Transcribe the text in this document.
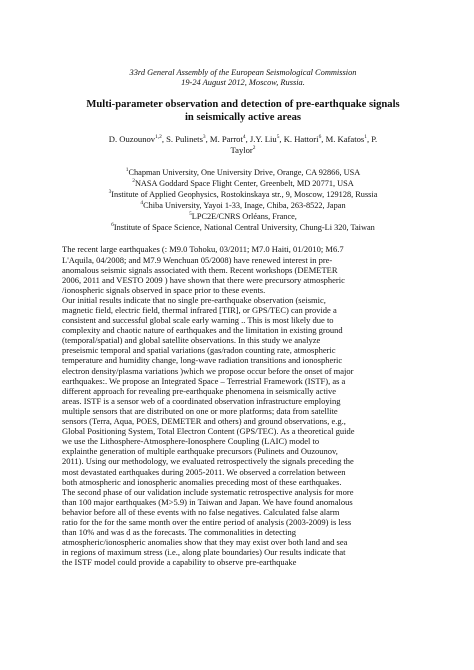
33rd General Assembly of the European Seismological Commission
19-24 August 2012, Moscow, Russia.
Multi-parameter observation and detection of pre-earthquake signals
in seismically active areas
D. Ouzounov$^{1,2}$, S. Pulinets$^3$, M. Parrot$^4$, J.Y. Liu$^5$, K. Hattori$^6$, M. Kafatos$^1$, P.
Taylor$^2$
$^1$Chapman University, One University Drive, Orange, CA 92866, USA
$^2$NASA Goddard Space Flight Center, Greenbelt, MD 20771, USA
$^3$Institute of Applied Geophysics, Rostokinskaya str., 9, Moscow, 129128, Russia
$^4$Chiba University, Yayoi 1-33, Inage, Chiba, 263-8522, Japan
$^5$LPC2E/CNRS Orléans, France,
$^6$Institute of Space Science, National Central University, Chung-Li 320, Taiwan
The recent large earthquakes (: M9.0 Tohoku, 03/2011; M7.0 Haiti, 01/2010; M6.7
L'Aquila, 04/2008; and M7.9 Wenchuan 05/2008) have renewed interest in pre-
anomalous seismic signals associated with them. Recent workshops (DEMETER
2006, 2011 and VESTO 2009 ) have shown that there were precursory atmospheric
/ionospheric signals observed in space prior to these events.
Our initial results indicate that no single pre-earthquake observation (seismic,
magnetic field, electric field, thermal infrared [TIR], or GPS/TEC) can provide a
consistent and successful global scale early warning .. This is most likely due to
complexity and chaotic nature of earthquakes and the limitation in existing ground
(temporal/spatial) and global satellite observations. In this study we analyze
preseismic temporal and spatial variations (gas/radon counting rate, atmospheric
temperature and humidity change, long-wave radiation transitions and ionospheric
electron density/plasma variations )which we propose occur before the onset of major
earthquakes:. We propose an Integrated Space – Terrestrial Framework (ISTF), as a
different approach for revealing pre-earthquake phenomena in seismically active
areas. ISTF is a sensor web of a coordinated observation infrastructure employing
multiple sensors that are distributed on one or more platforms; data from satellite
sensors (Terra, Aqua, POES, DEMETER and others) and ground observations, e.g.,
Global Positioning System, Total Electron Content (GPS/TEC). As a theoretical guide
we use the Lithosphere-Atmosphere-Ionosphere Coupling (LAIC) model to
explainthe generation of multiple earthquake precursors (Pulinets and Ouzounov,
2011). Using our methodology, we evaluated retrospectively the signals preceding the
most devastated earthquakes during 2005-2011. We observed a correlation between
both atmospheric and ionospheric anomalies preceding most of these earthquakes.
The second phase of our validation include systematic retrospective analysis for more
than 100 major earthquakes (M>5.9) in Taiwan and Japan. We have found anomalous
behavior before all of these events with no false negatives. Calculated false alarm
ratio for the for the same month over the entire period of analysis (2003-2009) is less
than 10% and was d as the forecasts. The commonalities in detecting
atmospheric/ionospheric anomalies show that they may exist over both land and sea
in regions of maximum stress (i.e., along plate boundaries) Our results indicate that
the ISTF model could provide a capability to observe pre-earthquake
